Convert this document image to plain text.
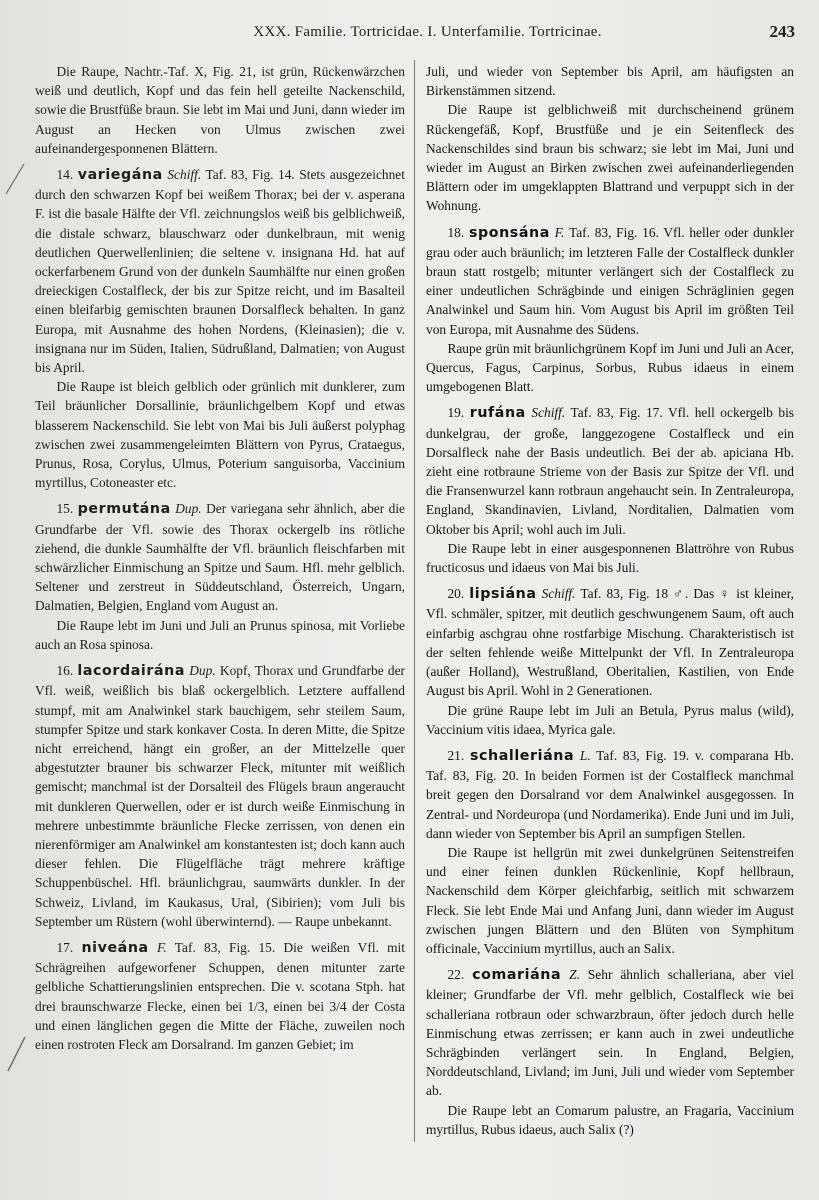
XXX. Familie. Tortricidae. I. Unterfamilie. Tortricinae.	243

Die Raupe, Nachtr.-Taf. X, Fig. 21, ist grün, Rückenwärzchen weiß und deutlich, Kopf und das fein hell geteilte Nackenschild, sowie die Brustfüße braun. Sie lebt im Mai und Juni, dann wieder im August an Hecken von Ulmus zwischen zwei aufeinandergesponnenen Blättern.

14. variegána Schiff. Taf. 83, Fig. 14. Stets ausgezeichnet durch den schwarzen Kopf bei weißem Thorax; bei der v. asperana F. ist die basale Hälfte der Vfl. zeichnungslos weiß bis gelblichweiß, die distale schwarz, blauschwarz oder dunkelbraun, mit wenig deutlichen Querwellenlinien; die seltene v. insignana Hd. hat auf ockerfarbenem Grund von der dunkeln Saumhälfte nur einen großen dreieckigen Costalfleck, der bis zur Spitze reicht, und im Basalteil einen bleifarbig gemischten braunen Dorsalfleck behalten. In ganz Europa, mit Ausnahme des hohen Nordens, (Kleinasien); die v. insignana nur im Süden, Italien, Südrußland, Dalmatien; von August bis April.

Die Raupe ist bleich gelblich oder grünlich mit dunklerer, zum Teil bräunlicher Dorsallinie, bräunlichgelbem Kopf und etwas blasserem Nackenschild. Sie lebt von Mai bis Juli äußerst polyphag zwischen zwei zusammengeleimten Blättern von Pyrus, Crataegus, Prunus, Rosa, Corylus, Ulmus, Poterium sanguisorba, Vaccinium myrtillus, Cotoneaster etc.

15. permutána Dup. Der variegana sehr ähnlich, aber die Grundfarbe der Vfl. sowie des Thorax ockergelb ins rötliche ziehend, die dunkle Saumhälfte der Vfl. bräunlich fleischfarben mit schwärzlicher Einmischung an Spitze und Saum. Hfl. mehr gelblich. Seltener und zerstreut in Süddeutschland, Österreich, Ungarn, Dalmatien, Belgien, England vom August an.

Die Raupe lebt im Juni und Juli an Prunus spinosa, mit Vorliebe auch an Rosa spinosa.

16. lacordairána Dup. Kopf, Thorax und Grundfarbe der Vfl. weiß, weißlich bis blaß ockergelblich. Letztere auffallend stumpf, mit am Analwinkel stark bauchigem, sehr steilem Saum, stumpfer Spitze und stark konkaver Costa. In deren Mitte, die Spitze nicht erreichend, hängt ein großer, an der Mittelzelle quer abgestutzter brauner bis schwarzer Fleck, mitunter mit weißlich gemischt; manchmal ist der Dorsalteil des Flügels braun angeraucht mit dunkleren Querwellen, oder er ist durch weiße Einmischung in mehrere unbestimmte bräunliche Flecke zerrissen, von denen ein nierenförmiger am Analwinkel am konstantesten ist; doch kann auch dieser fehlen. Die Flügelfläche trägt mehrere kräftige Schuppenbüschel. Hfl. bräunlichgrau, saumwärts dunkler. In der Schweiz, Livland, im Kaukasus, Ural, (Sibirien); vom Juli bis September um Rüstern (wohl überwinternd). — Raupe unbekannt.

17. niveána F. Taf. 83, Fig. 15. Die weißen Vfl. mit Schrägreihen aufgeworfener Schuppen, denen mitunter zarte gelbliche Schattierungslinien entsprechen. Die v. scotana Stph. hat drei braunschwarze Flecke, einen bei 1/3, einen bei 3/4 der Costa und einen länglichen gegen die Mitte der Fläche, zuweilen noch einen rostroten Fleck am Dorsalrand. Im ganzen Gebiet; im

Juli, und wieder von September bis April, am häufigsten an Birkenstämmen sitzend.

Die Raupe ist gelblichweiß mit durchscheinend grünem Rückengefäß, Kopf, Brustfüße und je ein Seitenfleck des Nackenschildes sind braun bis schwarz; sie lebt im Mai, Juni und wieder im August an Birken zwischen zwei aufeinanderliegenden Blättern oder im umgeklappten Blattrand und verpuppt sich in der Wohnung.

18. sponsána F. Taf. 83, Fig. 16. Vfl. heller oder dunkler grau oder auch bräunlich; im letzteren Falle der Costalfleck dunkler braun statt rostgelb; mitunter verlängert sich der Costalfleck zu einer undeutlichen Schrägbinde und einigen Schräglinien gegen Analwinkel und Saum hin. Vom August bis April im größten Teil von Europa, mit Ausnahme des Südens.

Raupe grün mit bräunlichgrünem Kopf im Juni und Juli an Acer, Quercus, Fagus, Carpinus, Sorbus, Rubus idaeus in einem umgebogenen Blatt.

19. rufána Schiff. Taf. 83, Fig. 17. Vfl. hell ockergelb bis dunkelgrau, der große, langgezogene Costalfleck und ein Dorsalfleck nahe der Basis undeutlich. Bei der ab. apiciana Hb. zieht eine rotbraune Strieme von der Basis zur Spitze der Vfl. und die Fransenwurzel kann rotbraun angehaucht sein. In Zentraleuropa, England, Skandinavien, Livland, Norditalien, Dalmatien vom Oktober bis April; wohl auch im Juli.

Die Raupe lebt in einer ausgesponnenen Blattröhre von Rubus fructicosus und idaeus von Mai bis Juli.

20. lipsiána Schiff. Taf. 83, Fig. 18 ♂. Das ♀ ist kleiner, Vfl. schmäler, spitzer, mit deutlich geschwungenem Saum, oft auch einfarbig aschgrau ohne rostfarbige Mischung. Charakteristisch ist der selten fehlende weiße Mittelpunkt der Vfl. In Zentraleuropa (außer Holland), Westrußland, Oberitalien, Kastilien, von Ende August bis April. Wohl in 2 Generationen.

Die grüne Raupe lebt im Juli an Betula, Pyrus malus (wild), Vaccinium vitis idaea, Myrica gale.

21. schalleriána L. Taf. 83, Fig. 19. v. comparana Hb. Taf. 83, Fig. 20. In beiden Formen ist der Costalfleck manchmal breit gegen den Dorsalrand vor dem Analwinkel ausgegossen. In Zentral- und Nordeuropa (und Nordamerika). Ende Juni und im Juli, dann wieder von September bis April an sumpfigen Stellen.

Die Raupe ist hellgrün mit zwei dunkelgrünen Seitenstreifen und einer feinen dunklen Rückenlinie, Kopf hellbraun, Nackenschild dem Körper gleichfarbig, seitlich mit schwarzem Fleck. Sie lebt Ende Mai und Anfang Juni, dann wieder im August zwischen jungen Blättern und den Blüten von Symphitum officinale, Vaccinium myrtillus, auch an Salix.

22. comariána Z. Sehr ähnlich schalleriana, aber viel kleiner; Grundfarbe der Vfl. mehr gelblich, Costalfleck wie bei schalleriana rotbraun oder schwarzbraun, öfter jedoch durch helle Einmischung etwas zerrissen; er kann auch in zwei undeutliche Schrägbinden verlängert sein. In England, Belgien, Norddeutschland, Livland; im Juni, Juli und wieder vom September ab.

Die Raupe lebt an Comarum palustre, an Fragaria, Vaccinium myrtillus, Rubus idaeus, auch Salix (?)
